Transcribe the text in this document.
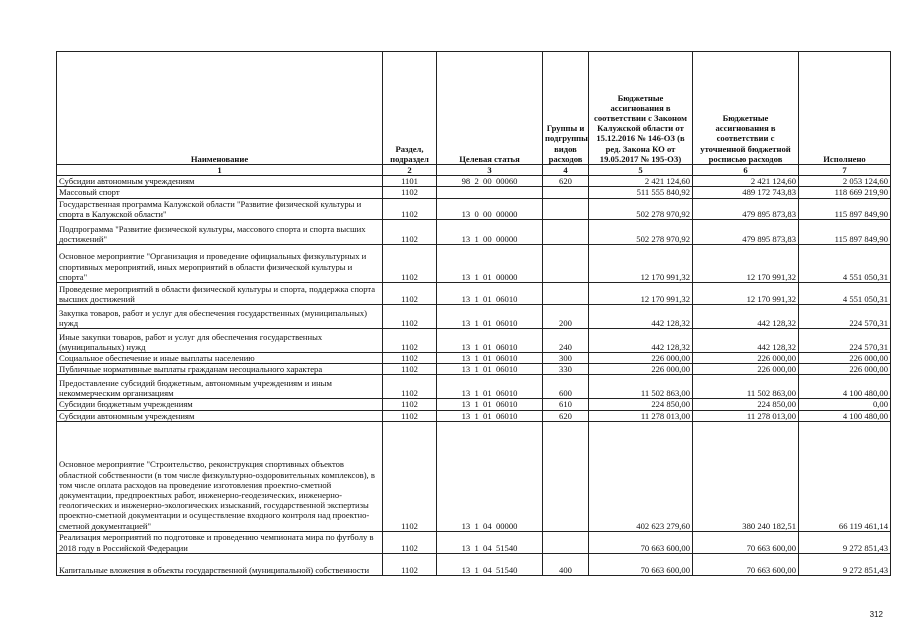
Наименование	Раздел, подраздел	Целевая статья	Группы и подгруппы видов расходов	Бюджетные ассигнования в соответствии с Законом Калужской области от 15.12.2016 № 146-ОЗ (в ред. Закона КО от 19.05.2017 № 195-ОЗ)	Бюджетные ассигнования в соответствии с уточненной бюджетной росписью расходов	Исполнено
1	2	3	4	5	6	7
Субсидии автономным учреждениям	1101	98  2  00  00060	620	2 421 124,60	2 421 124,60	2 053 124,60
Массовый спорт	1102			511 555 840,92	489 172 743,83	118 669 219,90
Государственная программа Калужской области "Развитие физической культуры и спорта в Калужской области"	1102	13  0  00  00000		502 278 970,92	479 895 873,83	115 897 849,90
Подпрограмма "Развитие физической культуры, массового спорта и спорта высших достижений"	1102	13  1  00  00000		502 278 970,92	479 895 873,83	115 897 849,90
Основное мероприятие "Организация и проведение официальных физкультурных и спортивных мероприятий, иных мероприятий в области физической культуры и спорта"	1102	13  1  01  00000		12 170 991,32	12 170 991,32	4 551 050,31
Проведение мероприятий в области физической культуры и спорта, поддержка спорта высших достижений	1102	13  1  01  06010		12 170 991,32	12 170 991,32	4 551 050,31
Закупка товаров, работ и услуг для обеспечения государственных (муниципальных) нужд	1102	13  1  01  06010	200	442 128,32	442 128,32	224 570,31
Иные закупки товаров, работ и услуг для обеспечения государственных (муниципальных) нужд	1102	13  1  01  06010	240	442 128,32	442 128,32	224 570,31
Социальное обеспечение и иные выплаты населению	1102	13  1  01  06010	300	226 000,00	226 000,00	226 000,00
Публичные нормативные выплаты гражданам несоциального характера	1102	13  1  01  06010	330	226 000,00	226 000,00	226 000,00
Предоставление субсидий бюджетным, автономным учреждениям и иным некоммерческим организациям	1102	13  1  01  06010	600	11 502 863,00	11 502 863,00	4 100 480,00
Субсидии бюджетным учреждениям	1102	13  1  01  06010	610	224 850,00	224 850,00	0,00
Субсидии автономным учреждениям	1102	13  1  01  06010	620	11 278 013,00	11 278 013,00	4 100 480,00
Основное мероприятие "Строительство, реконструкция спортивных объектов областной собственности (в том числе физкультурно-оздоровительных комплексов), в том числе оплата расходов на проведение изготовления проектно-сметной документации, предпроектных работ, инженерно-геодезических, инженерно-геологических и инженерно-экологических изысканий, государственной экспертизы проектно-сметной документации и осуществление входного контроля над проектно-сметной документацией"	1102	13  1  04  00000		402 623 279,60	380 240 182,51	66 119 461,14
Реализация мероприятий по подготовке и проведению чемпионата мира по футболу в 2018 году в Российской Федерации	1102	13  1  04  51540		70 663 600,00	70 663 600,00	9 272 851,43
Капитальные вложения в объекты государственной (муниципальной) собственности	1102	13  1  04  51540	400	70 663 600,00	70 663 600,00	9 272 851,43
312
